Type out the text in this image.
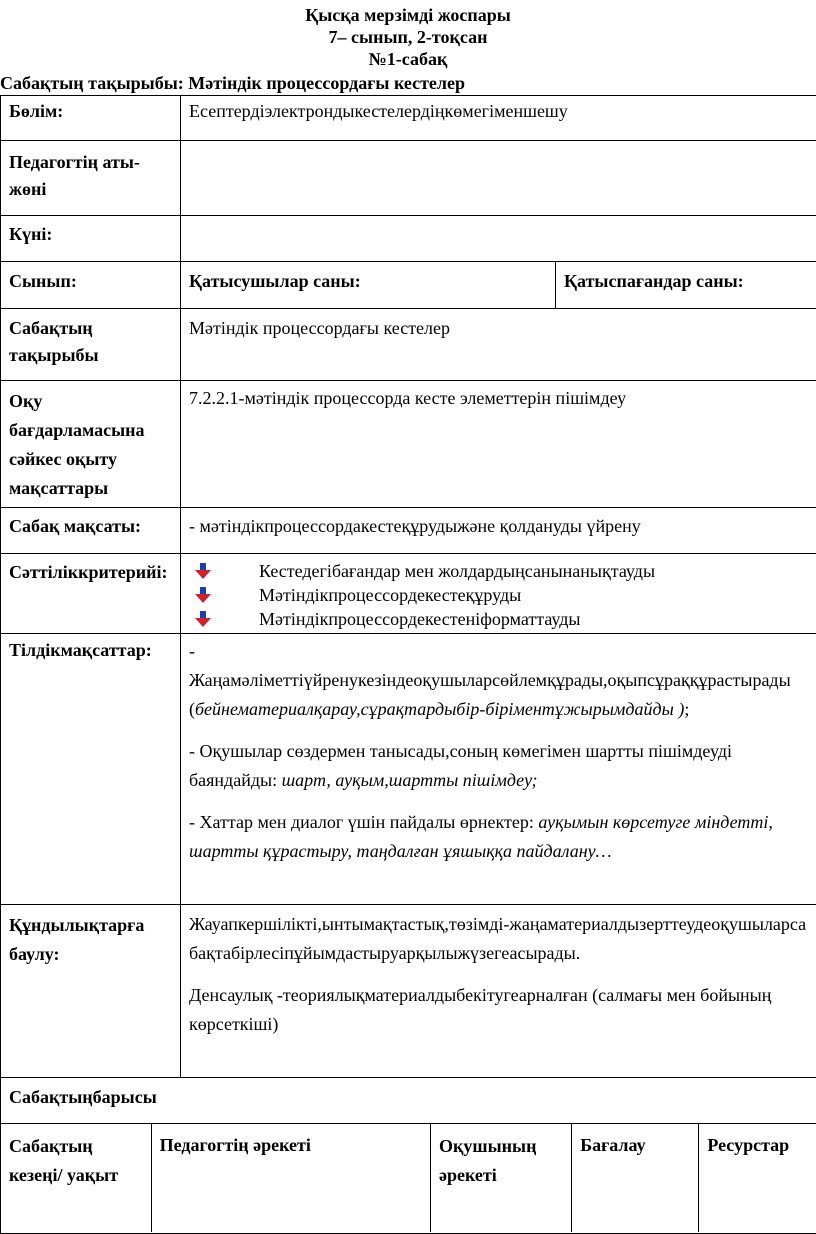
Қысқа мерзімді жоспары
7– сынып, 2-тоқсан
№1-сабақ
Сабақтың тақырыбы: Мәтіндік процессордағы кестелер
Бөлім:	Есептердіэлектрондыкестелердіңкөмегіменшешу
Педагогтің аты-жөні	
Күні:	
Сынып:	Қатысушылар саны:	Қатыспағандар саны:
Сабақтың тақырыбы	Мәтіндік процессордағы кестелер
Оқу бағдарламасына сәйкес оқыту мақсаттары	7.2.2.1-мәтіндік процессорда кесте элеметтерін пішімдеу
Сабақ мақсаты:	- мәтіндікпроцессордакестеқұрудыжәне қолдануды үйрену
Сәттіліккритерийі:	Кестедегібағандар мен жолдардыңсанынанықтауды
Мәтіндікпроцессордекестеқұруды
Мәтіндікпроцессордекестеніформаттауды

Тілдікмақсаттар:	-
Жаңамәліметтіүйренукезіндеоқушыларсөйлемқұрады,оқыпсұраққұрастырады (бейнематериалқарау,сұрақтардыбір-біріментұжырымдайды );
- Оқушылар сөздермен танысады,соның көмегімен шартты пішімдеуді баяндайды: шарт, ауқым,шартты пішімдеу;
- Хаттар мен диалог үшін пайдалы өрнектер: ауқымын көрсетуге міндетті, шартты құрастыру, таңдалған ұяшыққа пайдалану…

Құндылықтарға баулу:	
Жауапкершілікті,ынтымақтастық,төзімді-жаңаматериалдызерттеудеоқушыларсабақтабірлесіпұйымдастыруарқылыжүзегеасырады.
Денсаулық -теориялықматериалдыбекітугеарналған (салмағы мен бойының көрсеткіші)

Сабақтыңбарысы

Сабақтың кезеңі/ уақыт	Педагогтің әрекеті	Оқушының әрекеті	Бағалау	Ресурстар
